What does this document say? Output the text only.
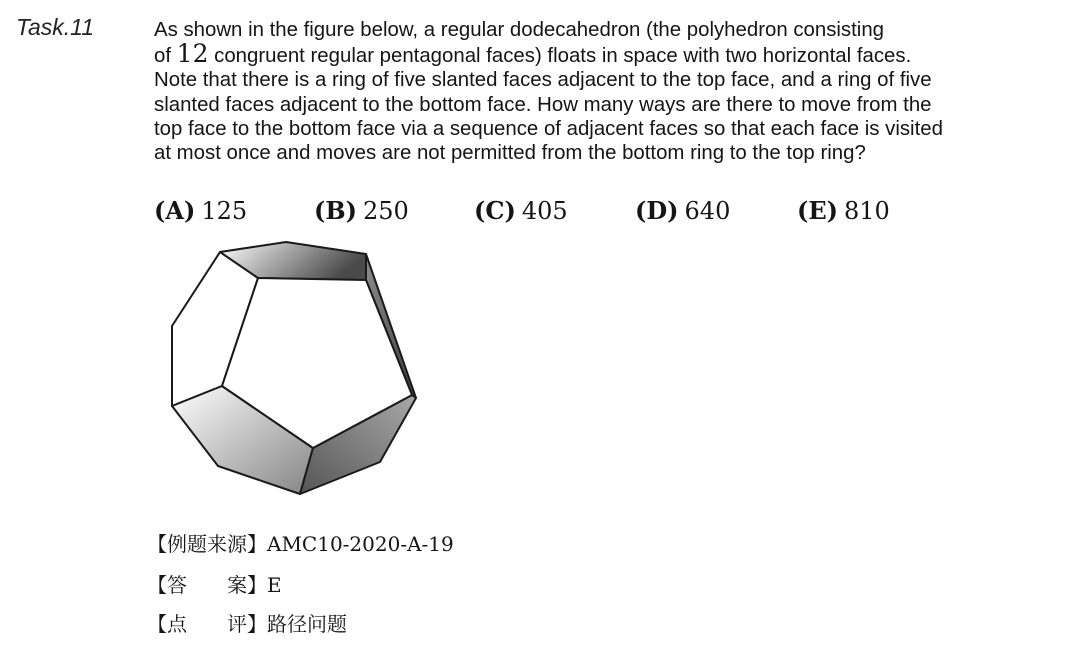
Task.11	As shown in the figure below, a regular dodecahedron (the polyhedron consisting
of 12 congruent regular pentagonal faces) floats in space with two horizontal faces.
Note that there is a ring of five slanted faces adjacent to the top face, and a ring of five
slanted faces adjacent to the bottom face. How many ways are there to move from the
top face to the bottom face via a sequence of adjacent faces so that each face is visited
at most once and moves are not permitted from the bottom ring to the top ring?
(A) 125	(B) 250	(C) 405	(D) 640	(E) 810
【例题来源】AMC10-2020-A-19
【答 案】E
【点 评】路径问题
